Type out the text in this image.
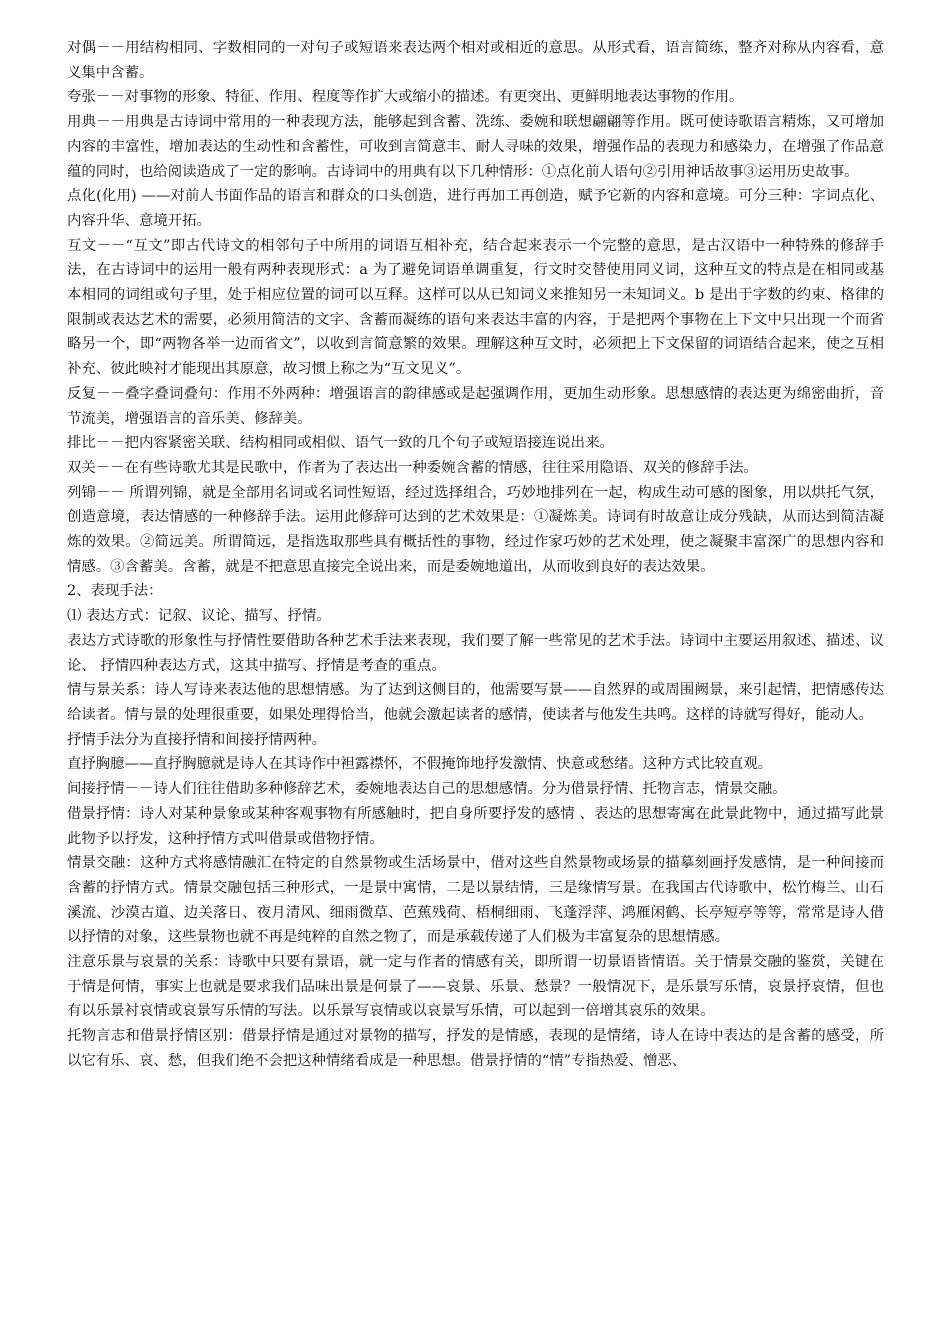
对偶－－用结构相同、字数相同的一对句子或短语来表达两个相对或相近的意思。从形式看，语言简练，整齐对称从内容看，意义集中含蓄。

夸张－－对事物的形象、特征、作用、程度等作扩大或缩小的描述。有更突出、更鲜明地表达事物的作用。

用典－－用典是古诗词中常用的一种表现方法，能够起到含蓄、洗练、委婉和联想翩翩等作用。既可使诗歌语言精炼，又可增加内容的丰富性，增加表达的生动性和含蓄性，可收到言简意丰、耐人寻味的效果，增强作品的表现力和感染力，在增强了作品意蕴的同时，也给阅读造成了一定的影响。古诗词中的用典有以下几种情形：①点化前人语句②引用神话故事③运用历史故事。

点化(化用) ——对前人书面作品的语言和群众的口头创造，进行再加工再创造，赋予它新的内容和意境。可分三种：字词点化、内容升华、意境开拓。

互文－－“互文”即古代诗文的相邻句子中所用的词语互相补充，结合起来表示一个完整的意思，是古汉语中一种特殊的修辞手法，在古诗词中的运用一般有两种表现形式：a 为了避免词语单调重复，行文时交替使用同义词，这种互文的特点是在相同或基本相同的词组或句子里，处于相应位置的词可以互释。这样可以从已知词义来推知另一未知词义。b 是出于字数的约束、格律的限制或表达艺术的需要，必须用简洁的文字、含蓄而凝练的语句来表达丰富的内容，于是把两个事物在上下文中只出现一个而省略另一个，即“两物各举一边而省文”，以收到言简意繁的效果。理解这种互文时，必须把上下文保留的词语结合起来，使之互相补充、彼此映衬才能现出其原意，故习惯上称之为“互文见义”。

反复－－叠字叠词叠句：作用不外两种：增强语言的韵律感或是起强调作用，更加生动形象。思想感情的表达更为绵密曲折，音节流美，增强语言的音乐美、修辞美。

排比－－把内容紧密关联、结构相同或相似、语气一致的几个句子或短语接连说出来。

双关－－在有些诗歌尤其是民歌中，作者为了表达出一种委婉含蓄的情感，往往采用隐语、双关的修辞手法。

列锦－－ 所谓列锦，就是全部用名词或名词性短语，经过选择组合，巧妙地排列在一起，构成生动可感的图象，用以烘托气氛，创造意境，表达情感的一种修辞手法。运用此修辞可达到的艺术效果是：①凝炼美。诗词有时故意让成分残缺，从而达到简洁凝炼的效果。②简远美。所谓简远，是指选取那些具有概括性的事物，经过作家巧妙的艺术处理，使之凝聚丰富深广的思想内容和情感。③含蓄美。含蓄，就是不把意思直接完全说出来，而是委婉地道出，从而收到良好的表达效果。

2、表现手法：

⑴ 表达方式：记叙、议论、描写、抒情。

表达方式诗歌的形象性与抒情性要借助各种艺术手法来表现，我们要了解一些常见的艺术手法。诗词中主要运用叙述、描述、议论、 抒情四种表达方式，这其中描写、抒情是考查的重点。

情与景关系：诗人写诗来表达他的思想情感。为了达到这侧目的，他需要写景——自然界的或周围阙景，来引起情，把情感传达给读者。情与景的处理很重要，如果处理得恰当，他就会激起读者的感情，使读者与他发生共鸣。这样的诗就写得好，能动人。

抒情手法分为直接抒情和间接抒情两种。

直抒胸臆——直抒胸臆就是诗人在其诗作中袒露襟怀，不假掩饰地抒发激情、快意或愁绪。这种方式比较直观。

间接抒情－－诗人们往往借助多种修辞艺术，委婉地表达自己的思想感情。分为借景抒情、托物言志，情景交融。

借景抒情：诗人对某种景象或某种客观事物有所感触时，把自身所要抒发的感情 、表达的思想寄寓在此景此物中，通过描写此景此物予以抒发，这种抒情方式叫借景或借物抒情。

情景交融：这种方式将感情融汇在特定的自然景物或生活场景中，借对这些自然景物或场景的描摹刻画抒发感情，是一种间接而含蓄的抒情方式。情景交融包括三种形式，一是景中寓情，二是以景结情，三是缘情写景。在我国古代诗歌中，松竹梅兰、山石溪流、沙漠古道、边关落日、夜月清风、细雨微草、芭蕉残荷、梧桐细雨、飞蓬浮萍、鸿雁闲鹤、长亭短亭等等，常常是诗人借以抒情的对象，这些景物也就不再是纯粹的自然之物了，而是承载传递了人们极为丰富复杂的思想情感。

注意乐景与哀景的关系：诗歌中只要有景语，就一定与作者的情感有关，即所谓一切景语皆情语。关于情景交融的鉴赏，关键在于情是何情，事实上也就是要求我们品味出景是何景了——哀景、乐景、愁景？一般情况下，是乐景写乐情，哀景抒哀情，但也有以乐景衬哀情或哀景写乐情的写法。以乐景写哀情或以哀景写乐情，可以起到一倍增其哀乐的效果。

托物言志和借景抒情区别：借景抒情是通过对景物的描写，抒发的是情感，表现的是情绪，诗人在诗中表达的是含蓄的感受，所以它有乐、哀、愁，但我们绝不会把这种情绪看成是一种思想。借景抒情的“情”专指热爱、憎恶、
